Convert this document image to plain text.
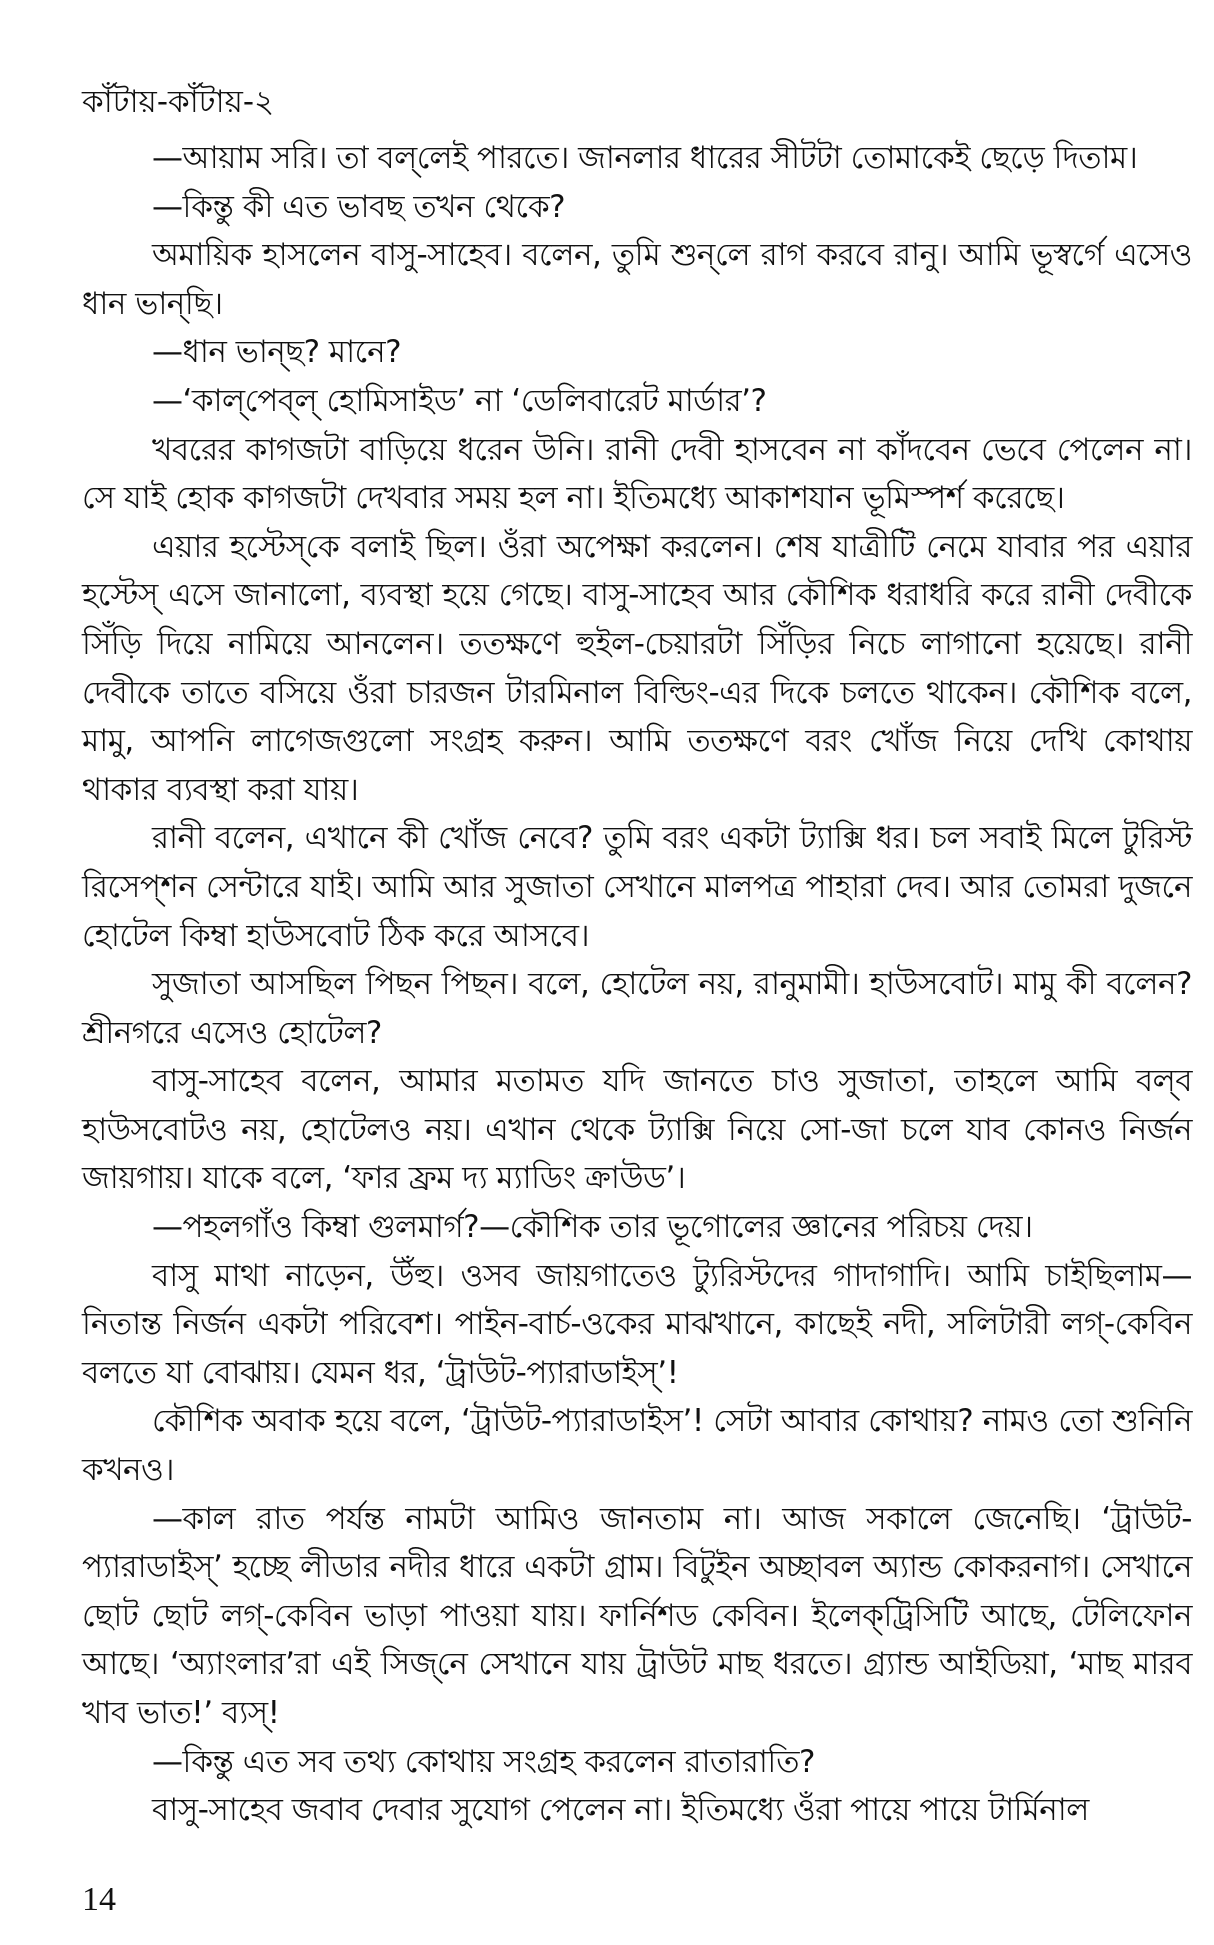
কাঁটায়-কাঁটায়-২

—আয়াম সরি। তা বল্‌লেই পারতে। জানলার ধারের সীটটা তোমাকেই ছেড়ে দিতাম।

—কিন্তু কী এত ভাবছ তখন থেকে?

অমায়িক হাসলেন বাসু-সাহেব। বলেন, তুমি শুন্‌লে রাগ করবে রানু। আমি ভূস্বর্গে এসেও ধান ভান্‌ছি।

—ধান ভান্‌ছ? মানে?

—‘কাল্‌পেব্‌ল্‌ হোমিসাইড’ না ‘ডেলিবারেট মার্ডার’?

খবরের কাগজটা বাড়িয়ে ধরেন উনি। রানী দেবী হাসবেন না কাঁদবেন ভেবে পেলেন না। সে যাই হোক কাগজটা দেখবার সময় হল না। ইতিমধ্যে আকাশযান ভূমিস্পর্শ করেছে।

এয়ার হস্টেস্‌কে বলাই ছিল। ওঁরা অপেক্ষা করলেন। শেষ যাত্রীটি নেমে যাবার পর এয়ার হস্টেস্‌ এসে জানালো, ব্যবস্থা হয়ে গেছে। বাসু-সাহেব আর কৌশিক ধরাধরি করে রানী দেবীকে সিঁড়ি দিয়ে নামিয়ে আনলেন। ততক্ষণে হুইল-চেয়ারটা সিঁড়ির নিচে লাগানো হয়েছে। রানী দেবীকে তাতে বসিয়ে ওঁরা চারজন টারমিনাল বিল্ডিং-এর দিকে চলতে থাকেন। কৌশিক বলে, মামু, আপনি লাগেজগুলো সংগ্রহ করুন। আমি ততক্ষণে বরং খোঁজ নিয়ে দেখি কোথায় থাকার ব্যবস্থা করা যায়।

রানী বলেন, এখানে কী খোঁজ নেবে? তুমি বরং একটা ট্যাক্সি ধর। চল সবাই মিলে টুরিস্ট রিসেপ্‌শন সেন্টারে যাই। আমি আর সুজাতা সেখানে মালপত্র পাহারা দেব। আর তোমরা দুজনে হোটেল কিম্বা হাউসবোট ঠিক করে আসবে।

সুজাতা আসছিল পিছন পিছন। বলে, হোটেল নয়, রানুমামী। হাউসবোট। মামু কী বলেন? শ্রীনগরে এসেও হোটেল?

বাসু-সাহেব বলেন, আমার মতামত যদি জানতে চাও সুজাতা, তাহলে আমি বল্‌ব হাউসবোটও নয়, হোটেলও নয়। এখান থেকে ট্যাক্সি নিয়ে সো-জা চলে যাব কোনও নির্জন জায়গায়। যাকে বলে, ‘ফার ফ্রম দ্য ম্যাডিং ক্রাউড’।

—পহলগাঁও কিম্বা গুলমার্গ?—কৌশিক তার ভূগোলের জ্ঞানের পরিচয় দেয়।

বাসু মাথা নাড়েন, উঁহু। ওসব জায়গাতেও ট্যুরিস্টদের গাদাগাদি। আমি চাইছিলাম—নিতান্ত নির্জন একটা পরিবেশ। পাইন-বার্চ-ওকের মাঝখানে, কাছেই নদী, সলিটারী লগ্‌-কেবিন বলতে যা বোঝায়। যেমন ধর, ‘ট্রাউট-প্যারাডাইস্‌’!

কৌশিক অবাক হয়ে বলে, ‘ট্রাউট-প্যারাডাইস’! সেটা আবার কোথায়? নামও তো শুনিনি কখনও।

—কাল রাত পর্যন্ত নামটা আমিও জানতাম না। আজ সকালে জেনেছি। ‘ট্রাউট-প্যারাডাইস্‌’ হচ্ছে লীডার নদীর ধারে একটা গ্রাম। বিটুইন অচ্ছাবল অ্যান্ড কোকরনাগ। সেখানে ছোট ছোট লগ্‌-কেবিন ভাড়া পাওয়া যায়। ফার্নিশড কেবিন। ইলেক্‌ট্রিসিটি আছে, টেলিফোন আছে। ‘অ্যাংলার’রা এই সিজ্‌নে সেখানে যায় ট্রাউট মাছ ধরতে। গ্র্যান্ড আইডিয়া, ‘মাছ মারব খাব ভাত!’ ব্যস্‌!

—কিন্তু এত সব তথ্য কোথায় সংগ্রহ করলেন রাতারাতি?

বাসু-সাহেব জবাব দেবার সুযোগ পেলেন না। ইতিমধ্যে ওঁরা পায়ে পায়ে টার্মিনাল

14
